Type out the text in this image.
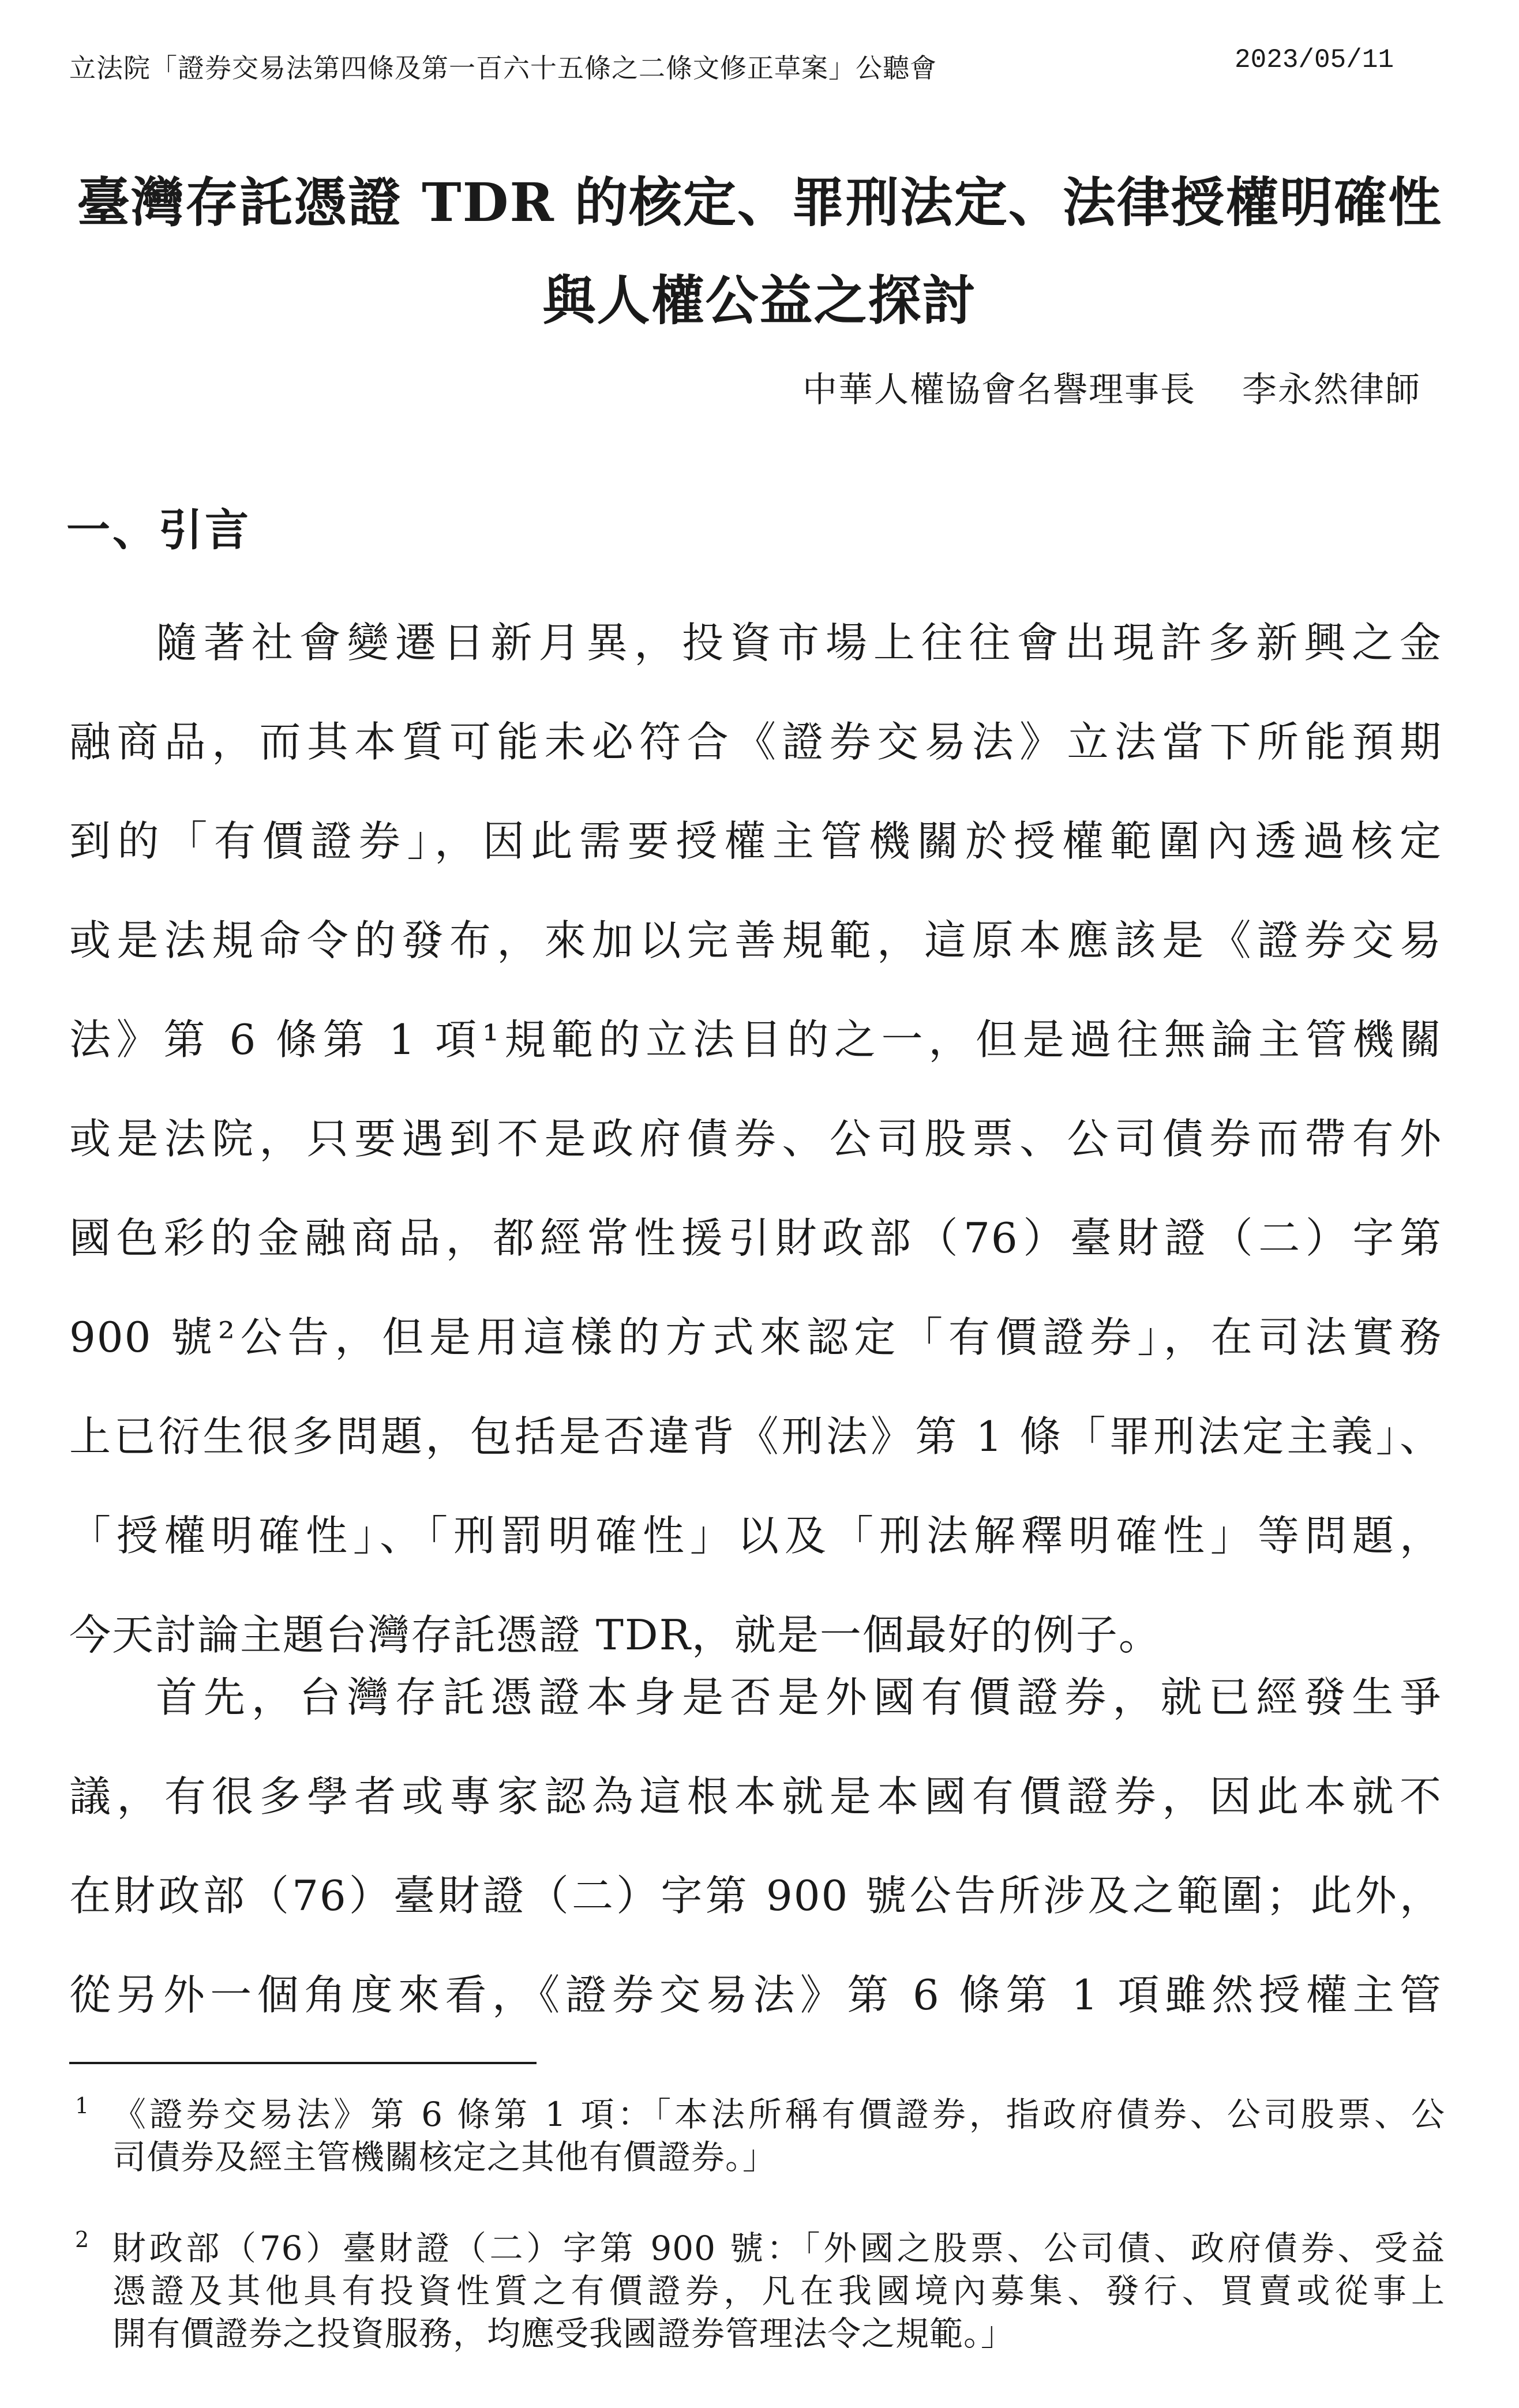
立法院「證券交易法第四條及第一百六十五條之二條文修正草案」公聽會	2023/05/11
臺灣存託憑證 TDR 的核定、罪刑法定、法律授權明確性
與人權公益之探討
中華人權協會名譽理事長 李永然律師
一、引言

隨著社會變遷日新月異，投資市場上往往會出現許多新興之金

融商品，而其本質可能未必符合《證券交易法》立法當下所能預期

到的「有價證券」，因此需要授權主管機關於授權範圍內透過核定

或是法規命令的發布，來加以完善規範，這原本應該是《證券交易

法》第 6 條第 1 項¹規範的立法目的之一，但是過往無論主管機關

或是法院，只要遇到不是政府債券、公司股票、公司債券而帶有外

國色彩的金融商品，都經常性援引財政部（76）臺財證（二）字第

900 號²公告，但是用這樣的方式來認定「有價證券」，在司法實務

上已衍生很多問題，包括是否違背《刑法》第 1 條「罪刑法定主義」、

「授權明確性」、「刑罰明確性」以及「刑法解釋明確性」等問題，

今天討論主題台灣存託憑證 TDR，就是一個最好的例子。

首先，台灣存託憑證本身是否是外國有價證券，就已經發生爭

議，有很多學者或專家認為這根本就是本國有價證券，因此本就不

在財政部（76）臺財證（二）字第 900 號公告所涉及之範圍；此外，

從另外一個角度來看，《證券交易法》第 6 條第 1 項雖然授權主管

1 《證券交易法》第 6 條第 1 項：「本法所稱有價證券，指政府債券、公司股票、公
司債券及經主管機關核定之其他有價證券。」
2 財政部（76）臺財證（二）字第 900 號：「外國之股票、公司債、政府債券、受益
憑證及其他具有投資性質之有價證券，凡在我國境內募集、發行、買賣或從事上
開有價證券之投資服務，均應受我國證券管理法令之規範。」
